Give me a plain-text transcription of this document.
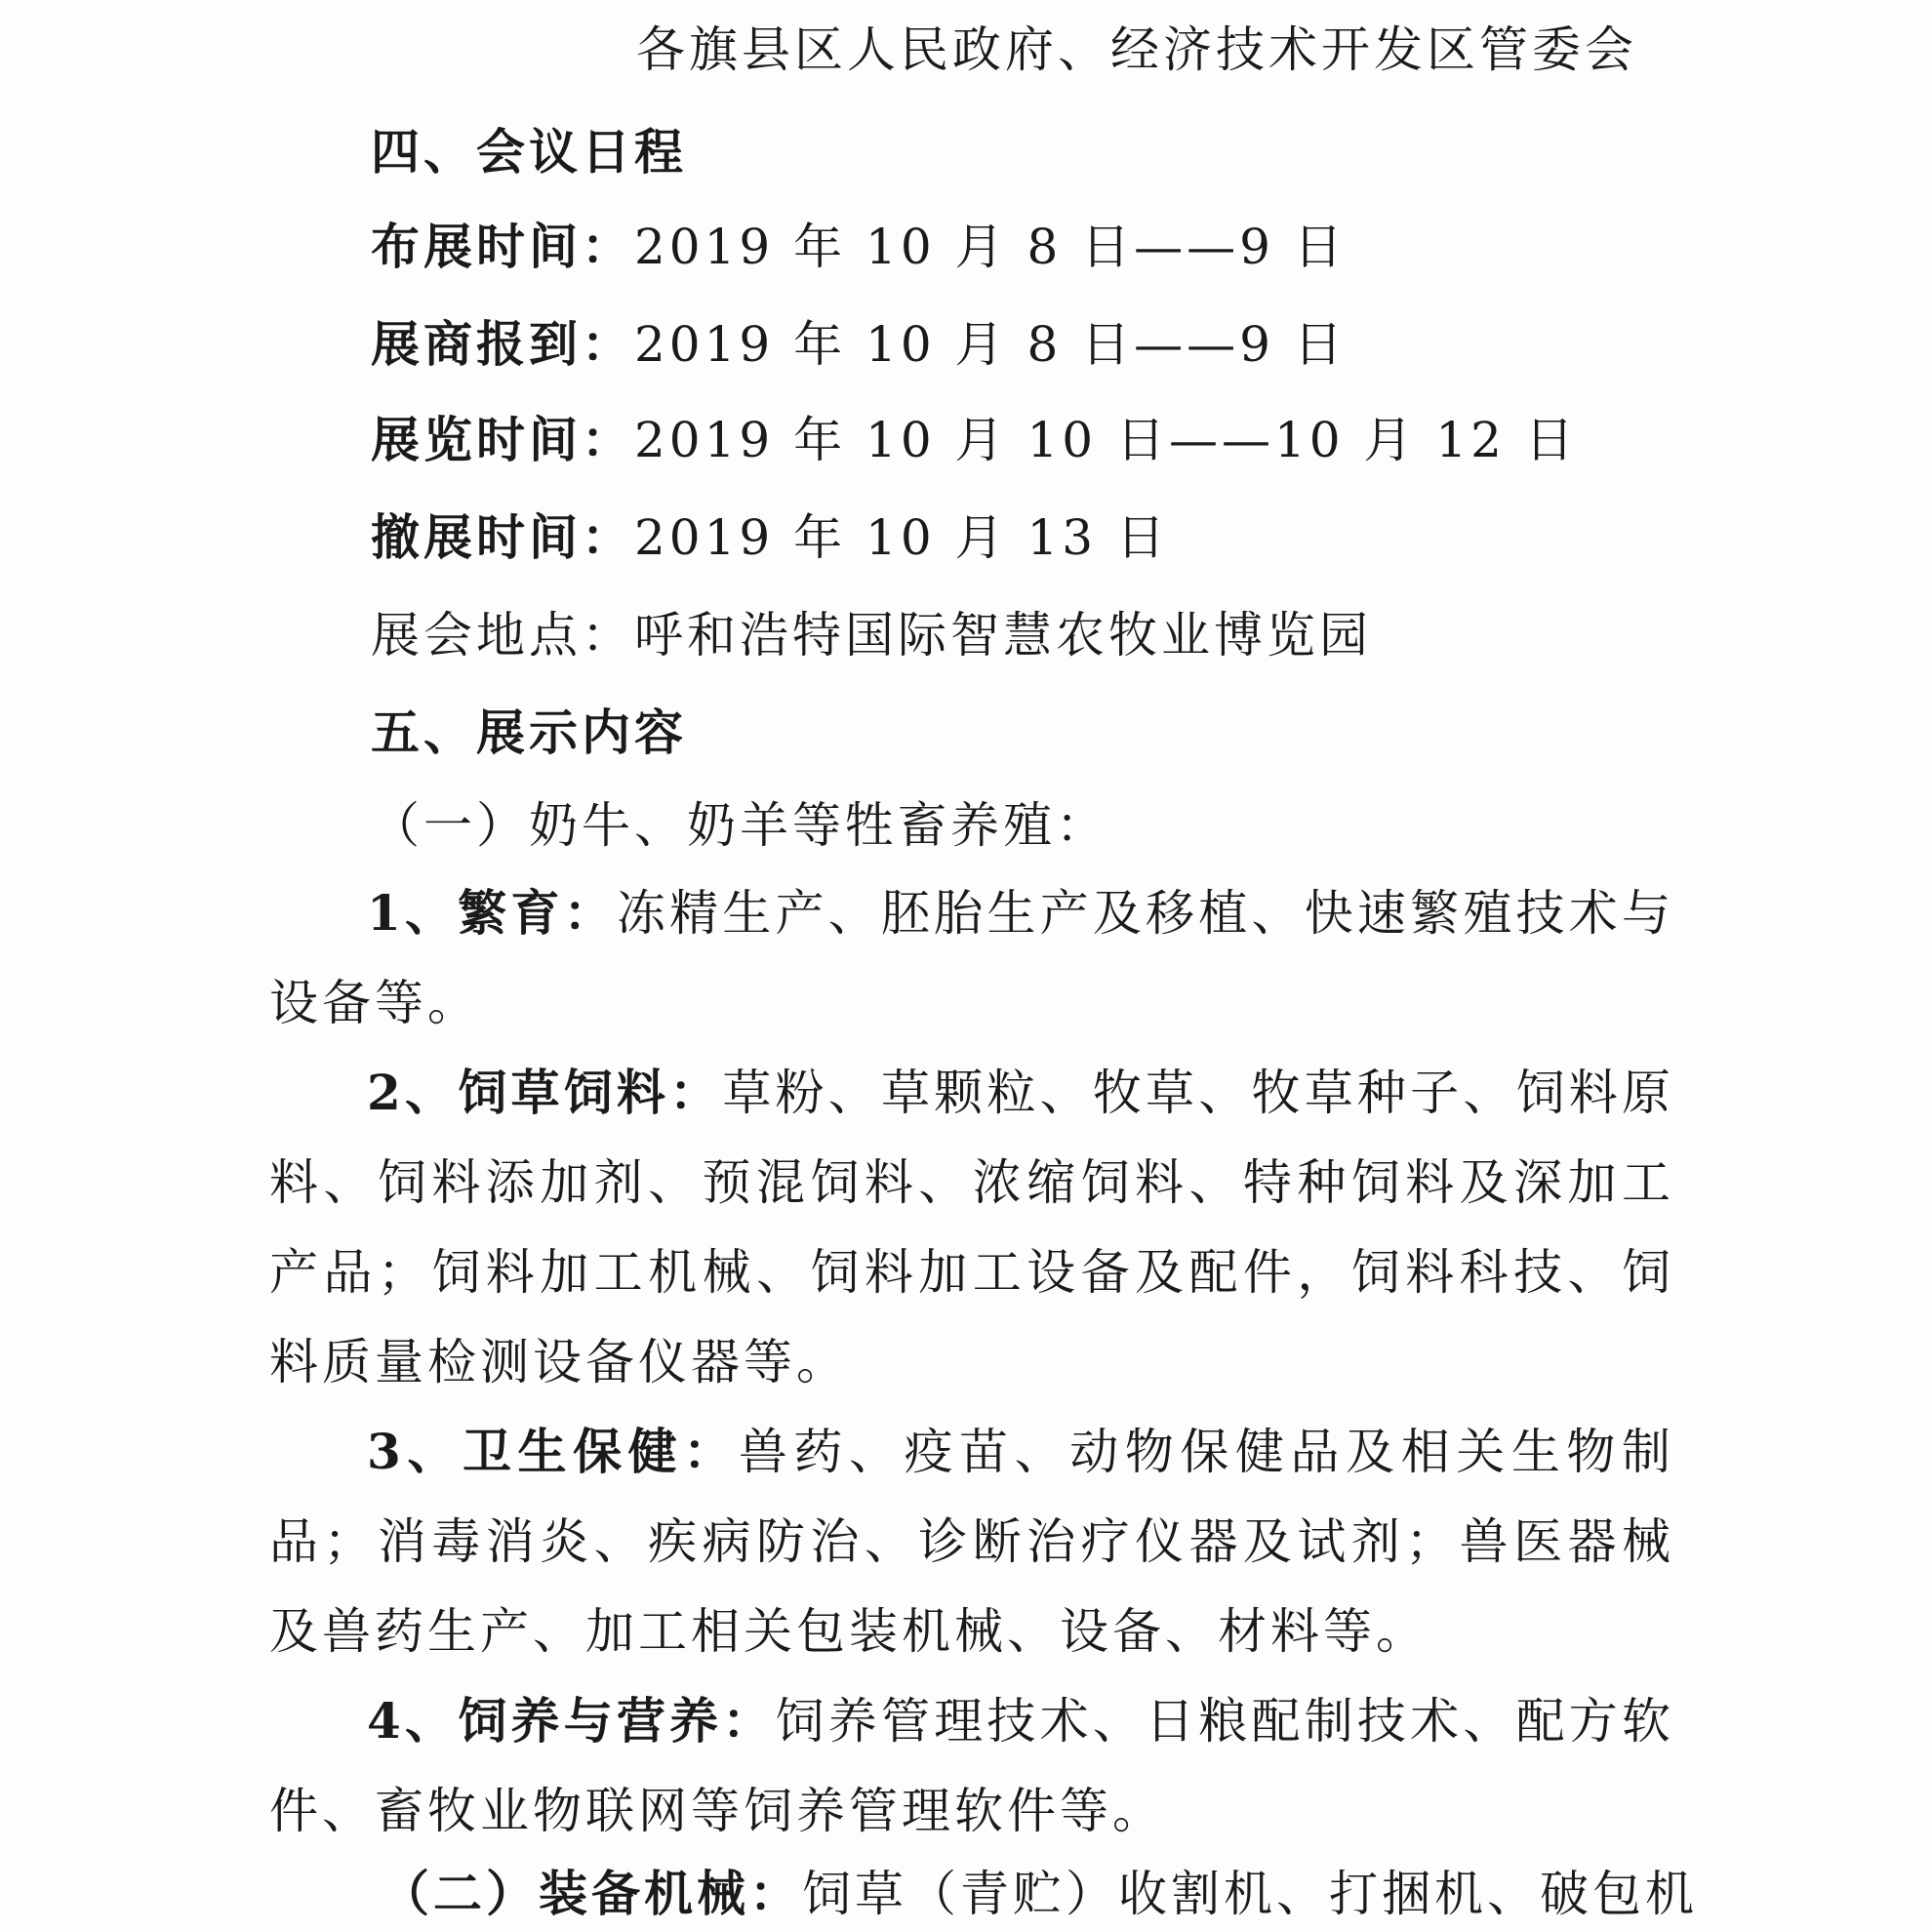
各旗县区人民政府、经济技术开发区管委会
四、会议日程
布展时间：2019 年 10 月 8 日——9 日
展商报到：2019 年 10 月 8 日——9 日
展览时间：2019 年 10 月 10 日——10 月 12 日
撤展时间：2019 年 10 月 13 日
展会地点：呼和浩特国际智慧农牧业博览园
五、展示内容
（一）奶牛、奶羊等牲畜养殖：
1、繁育：冻精生产、胚胎生产及移植、快速繁殖技术与设备等。
2、饲草饲料：草粉、草颗粒、牧草、牧草种子、饲料原料、饲料添加剂、预混饲料、浓缩饲料、特种饲料及深加工产品；饲料加工机械、饲料加工设备及配件，饲料科技、饲料质量检测设备仪器等。
3、卫生保健：兽药、疫苗、动物保健品及相关生物制品；消毒消炎、疾病防治、诊断治疗仪器及试剂；兽医器械及兽药生产、加工相关包装机械、设备、材料等。
4、饲养与营养：饲养管理技术、日粮配制技术、配方软件、畜牧业物联网等饲养管理软件等。
（二）装备机械：饲草（青贮）收割机、打捆机、破包机
